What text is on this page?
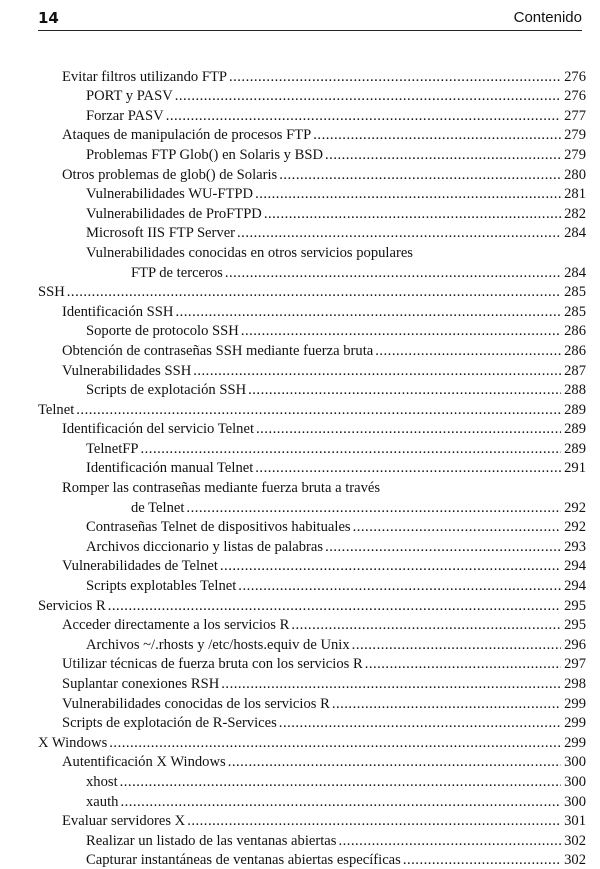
14	Contenido
Evitar filtros utilizando FTP .....	276
PORT y PASV .....	276
Forzar PASV .....	277
Ataques de manipulación de procesos FTP .....	279
Problemas FTP Glob() en Solaris y BSD .....	279
Otros problemas de glob() de Solaris .....	280
Vulnerabilidades WU-FTPD .....	281
Vulnerabilidades de ProFTPD .....	282
Microsoft IIS FTP Server .....	284
Vulnerabilidades conocidas en otros servicios populares
FTP de terceros .....	284
SSH .....	285
Identificación SSH .....	285
Soporte de protocolo SSH .....	286
Obtención de contraseñas SSH mediante fuerza bruta .....	286
Vulnerabilidades SSH .....	287
Scripts de explotación SSH .....	288
Telnet .....	289
Identificación del servicio Telnet .....	289
TelnetFP .....	289
Identificación manual Telnet .....	291
Romper las contraseñas mediante fuerza bruta a través
de Telnet .....	292
Contraseñas Telnet de dispositivos habituales .....	292
Archivos diccionario y listas de palabras .....	293
Vulnerabilidades de Telnet .....	294
Scripts explotables Telnet .....	294
Servicios R .....	295
Acceder directamente a los servicios R .....	295
Archivos ~/.rhosts y /etc/hosts.equiv de Unix .....	296
Utilizar técnicas de fuerza bruta con los servicios R .....	297
Suplantar conexiones RSH .....	298
Vulnerabilidades conocidas de los servicios R .....	299
Scripts de explotación de R-Services .....	299
X Windows .....	299
Autentificación X Windows .....	300
xhost .....	300
xauth .....	300
Evaluar servidores X .....	301
Realizar un listado de las ventanas abiertas .....	302
Capturar instantáneas de ventanas abiertas específicas .....	302
